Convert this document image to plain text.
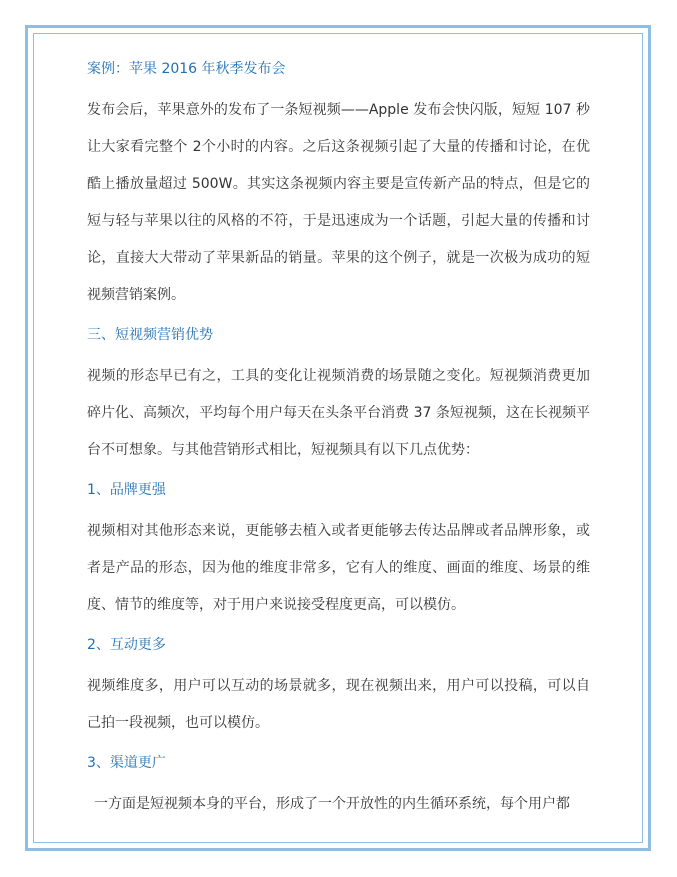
案例：苹果 2016 年秋季发布会

发布会后，苹果意外的发布了一条短视频——Apple 发布会快闪版，短短 107 秒让大家看完整个 2个小时的内容。之后这条视频引起了大量的传播和讨论，在优酷上播放量超过 500W。其实这条视频内容主要是宣传新产品的特点，但是它的短与轻与苹果以往的风格的不符，于是迅速成为一个话题，引起大量的传播和讨论，直接大大带动了苹果新品的销量。苹果的这个例子，就是一次极为成功的短视频营销案例。

三、短视频营销优势

视频的形态早已有之，工具的变化让视频消费的场景随之变化。短视频消费更加碎片化、高频次，平均每个用户每天在头条平台消费 37 条短视频，这在长视频平台不可想象。与其他营销形式相比，短视频具有以下几点优势：

1、品牌更强

视频相对其他形态来说，更能够去植入或者更能够去传达品牌或者品牌形象，或者是产品的形态，因为他的维度非常多，它有人的维度、画面的维度、场景的维度、情节的维度等，对于用户来说接受程度更高，可以模仿。

2、互动更多

视频维度多，用户可以互动的场景就多，现在视频出来，用户可以投稿，可以自己拍一段视频，也可以模仿。

3、渠道更广

一方面是短视频本身的平台，形成了一个开放性的内生循环系统，每个用户都
